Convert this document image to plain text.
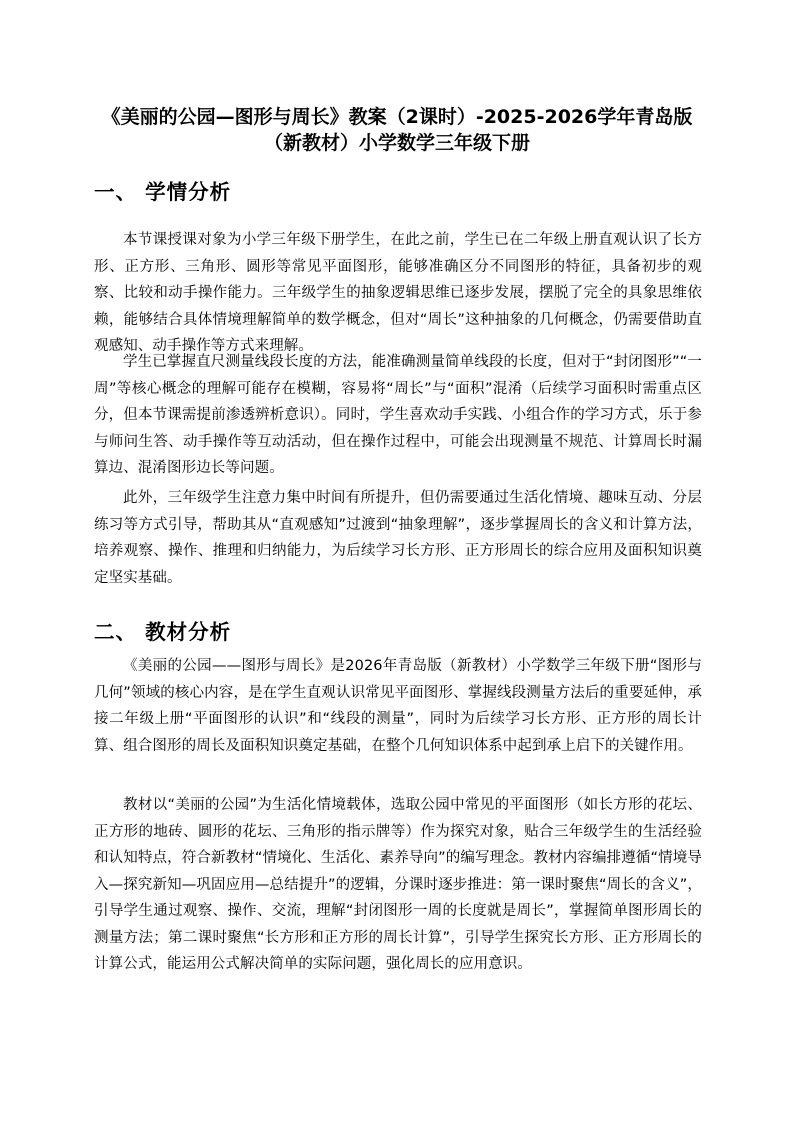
《美丽的公园—图形与周长》教案（2课时）-2025-2026学年青岛版（新教材）小学数学三年级下册
一、 学情分析

本节课授课对象为小学三年级下册学生，在此之前，学生已在二年级上册直观认识了长方形、正方形、三角形、圆形等常见平面图形，能够准确区分不同图形的特征，具备初步的观察、比较和动手操作能力。三年级学生的抽象逻辑思维已逐步发展，摆脱了完全的具象思维依赖，能够结合具体情境理解简单的数学概念，但对“周长”这种抽象的几何概念，仍需要借助直观感知、动手操作等方式来理解。

学生已掌握直尺测量线段长度的方法，能准确测量简单线段的长度，但对于“封闭图形”“一周”等核心概念的理解可能存在模糊，容易将“周长”与“面积”混淆（后续学习面积时需重点区分，但本节课需提前渗透辨析意识）。同时，学生喜欢动手实践、小组合作的学习方式，乐于参与师问生答、动手操作等互动活动，但在操作过程中，可能会出现测量不规范、计算周长时漏算边、混淆图形边长等问题。

此外，三年级学生注意力集中时间有所提升，但仍需要通过生活化情境、趣味互动、分层练习等方式引导，帮助其从“直观感知”过渡到“抽象理解”，逐步掌握周长的含义和计算方法，培养观察、操作、推理和归纳能力，为后续学习长方形、正方形周长的综合应用及面积知识奠定坚实基础。

二、 教材分析

《美丽的公园——图形与周长》是2026年青岛版（新教材）小学数学三年级下册“图形与几何”领域的核心内容，是在学生直观认识常见平面图形、掌握线段测量方法后的重要延伸，承接二年级上册“平面图形的认识”和“线段的测量”，同时为后续学习长方形、正方形的周长计算、组合图形的周长及面积知识奠定基础，在整个几何知识体系中起到承上启下的关键作用。

教材以“美丽的公园”为生活化情境载体，选取公园中常见的平面图形（如长方形的花坛、正方形的地砖、圆形的花坛、三角形的指示牌等）作为探究对象，贴合三年级学生的生活经验和认知特点，符合新教材“情境化、生活化、素养导向”的编写理念。教材内容编排遵循“情境导入—探究新知—巩固应用—总结提升”的逻辑，分课时逐步推进：第一课时聚焦“周长的含义”，引导学生通过观察、操作、交流，理解“封闭图形一周的长度就是周长”，掌握简单图形周长的测量方法；第二课时聚焦“长方形和正方形的周长计算”，引导学生探究长方形、正方形周长的计算公式，能运用公式解决简单的实际问题，强化周长的应用意识。
